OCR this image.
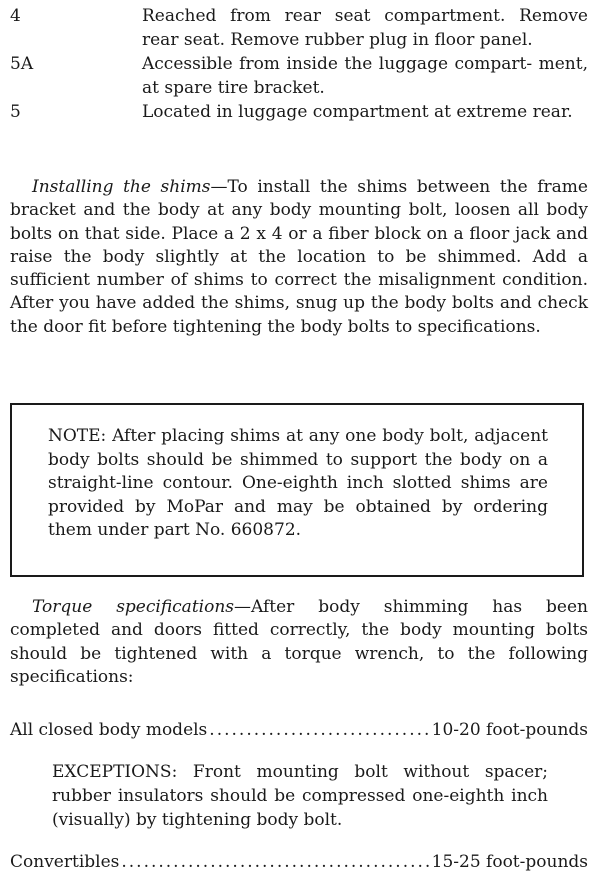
4	Reached from rear seat compartment. Remove rear seat. Remove rubber plug in floor panel.
5A	Accessible from inside the luggage compart- ment, at spare tire bracket.
5	Located in luggage compartment at extreme rear.

Installing the shims—To install the shims between the frame bracket and the body at any body mounting bolt, loosen all body bolts on that side. Place a 2 x 4 or a fiber block on a floor jack and raise the body slightly at the location to be shimmed. Add a sufficient number of shims to correct the misalignment condition. After you have added the shims, snug up the body bolts and check the door fit before tightening the body bolts to specifications.

NOTE: After placing shims at any one body bolt, adjacent body bolts should be shimmed to support the body on a straight-line contour. One-eighth inch slotted shims are provided by MoPar and may be obtained by ordering them under part No. 660872.

Torque specifications—After body shimming has been completed and doors fitted correctly, the body mounting bolts should be tightened with a torque wrench, to the following specifications:

All closed body models .....	10-20 foot-pounds

EXCEPTIONS: Front mounting bolt without spacer; rubber insulators should be compressed one-eighth inch (visually) by tightening body bolt.

Convertibles .....	15-25 foot-pounds
